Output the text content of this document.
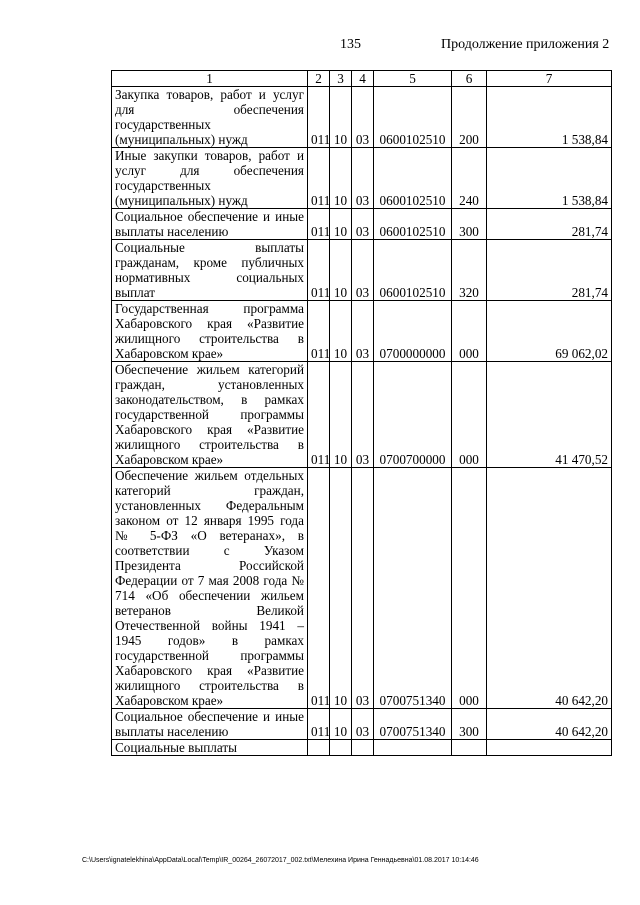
135	Продолжение приложения 2
1	2	3	4	5	6	7
Закупка товаров, работ и услуг для обеспечения государственных (муниципальных) нужд	011	10	03	0600102510	200	1 538,84
Иные закупки товаров, работ и услуг для обеспечения государственных (муниципальных) нужд	011	10	03	0600102510	240	1 538,84
Социальное обеспечение и иные выплаты населению	011	10	03	0600102510	300	281,74
Социальные выплаты гражданам, кроме публичных нормативных социальных выплат	011	10	03	0600102510	320	281,74
Государственная программа Хабаровского края «Развитие жилищного строительства в Хабаровском крае»	011	10	03	0700000000	000	69 062,02
Обеспечение жильем категорий граждан, установленных законодательством, в рамках государственной программы Хабаровского края «Развитие жилищного строительства в Хабаровском крае»	011	10	03	0700700000	000	41 470,52
Обеспечение жильем отдельных категорий граждан, установленных Федеральным законом от 12 января 1995 года № 5-ФЗ «О ветеранах», в соответствии с Указом Президента Российской Федерации от 7 мая 2008 года № 714 «Об обеспечении жильем ветеранов Великой Отечественной войны 1941 – 1945 годов» в рамках государственной программы Хабаровского края «Развитие жилищного строительства в Хабаровском крае»	011	10	03	0700751340	000	40 642,20
Социальное обеспечение и иные выплаты населению	011	10	03	0700751340	300	40 642,20
Социальные выплаты						
C:\Users\ignatelekhina\AppData\Local\Temp\IR_00264_26072017_002.txt\Мелехина Ирина Геннадьевна\01.08.2017 10:14:46
